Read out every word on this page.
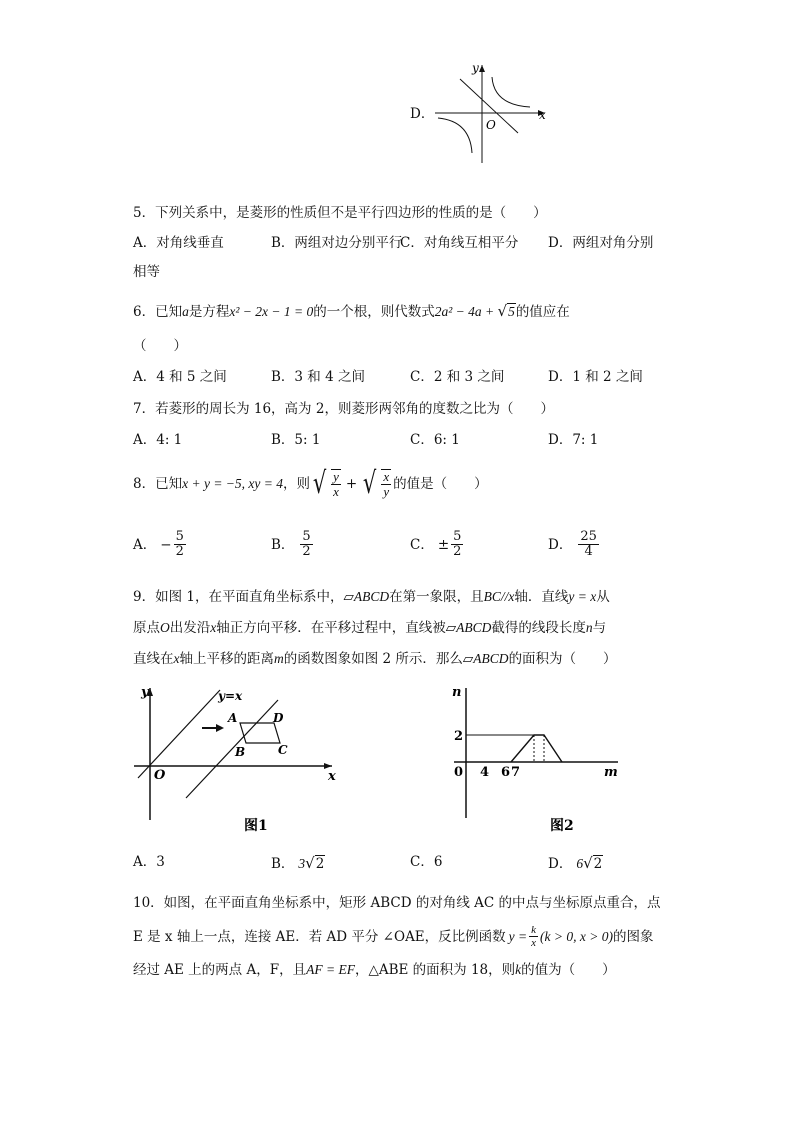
D．
y
x
O
5．下列关系中，是菱形的性质但不是平行四边形的性质的是（　　）
A．对角线垂直	B．两组对边分别平行
C．对角线互相平分 D．两组对角分别
相等
6．已知a是方程x² − 2x − 1 = 0的一个根，则代数式2a² − 4a + √5的值应在
（　　）
A．4 和 5 之间	B．3 和 4 之间	C．2 和 3 之间	D．1 和 2 之间
7．若菱形的周长为 16，高为 2，则菱形两邻角的度数之比为（　　）
A．4: 1	B．5: 1	C．6: 1	D．7: 1
8．已知 x + y = −5, xy = 4 ，则 √ $\frac{y}{x}$ + √ $\frac{x}{y}$ 的值是（　　）
A． − $\frac{5}{2}$	B． $\frac{5}{2}$	C． ± $\frac{5}{2}$	D． $\frac{25}{4}$
9．如图 1，在平面直角坐标系中，▱ABCD在第一象限，且BC//x轴．直线y = x从
原点O出发沿x轴正方向平移．在平移过程中，直线被▱ABCD截得的线段长度n与
直线在x轴上平移的距离m的函数图象如图 2 所示．那么▱ABCD的面积为（　　）
y
x
O
y=x
A	D
B	C
图1
n
m
0
2
4 6 7
图2
A．3	B． 3√2	C．6	D． 6√2
10．如图，在平面直角坐标系中，矩形 ABCD 的对角线 AC 的中点与坐标原点重合，点
E 是 x 轴上一点，连接 AE．若 AD 平分 ∠OAE，反比例函数 $y = \frac{k}{x} (k > 0$, x > 0) 的图象
经过 AE 上的两点 A，F，且AF = EF，△ABE 的面积为 18，则k的值为（　　）
